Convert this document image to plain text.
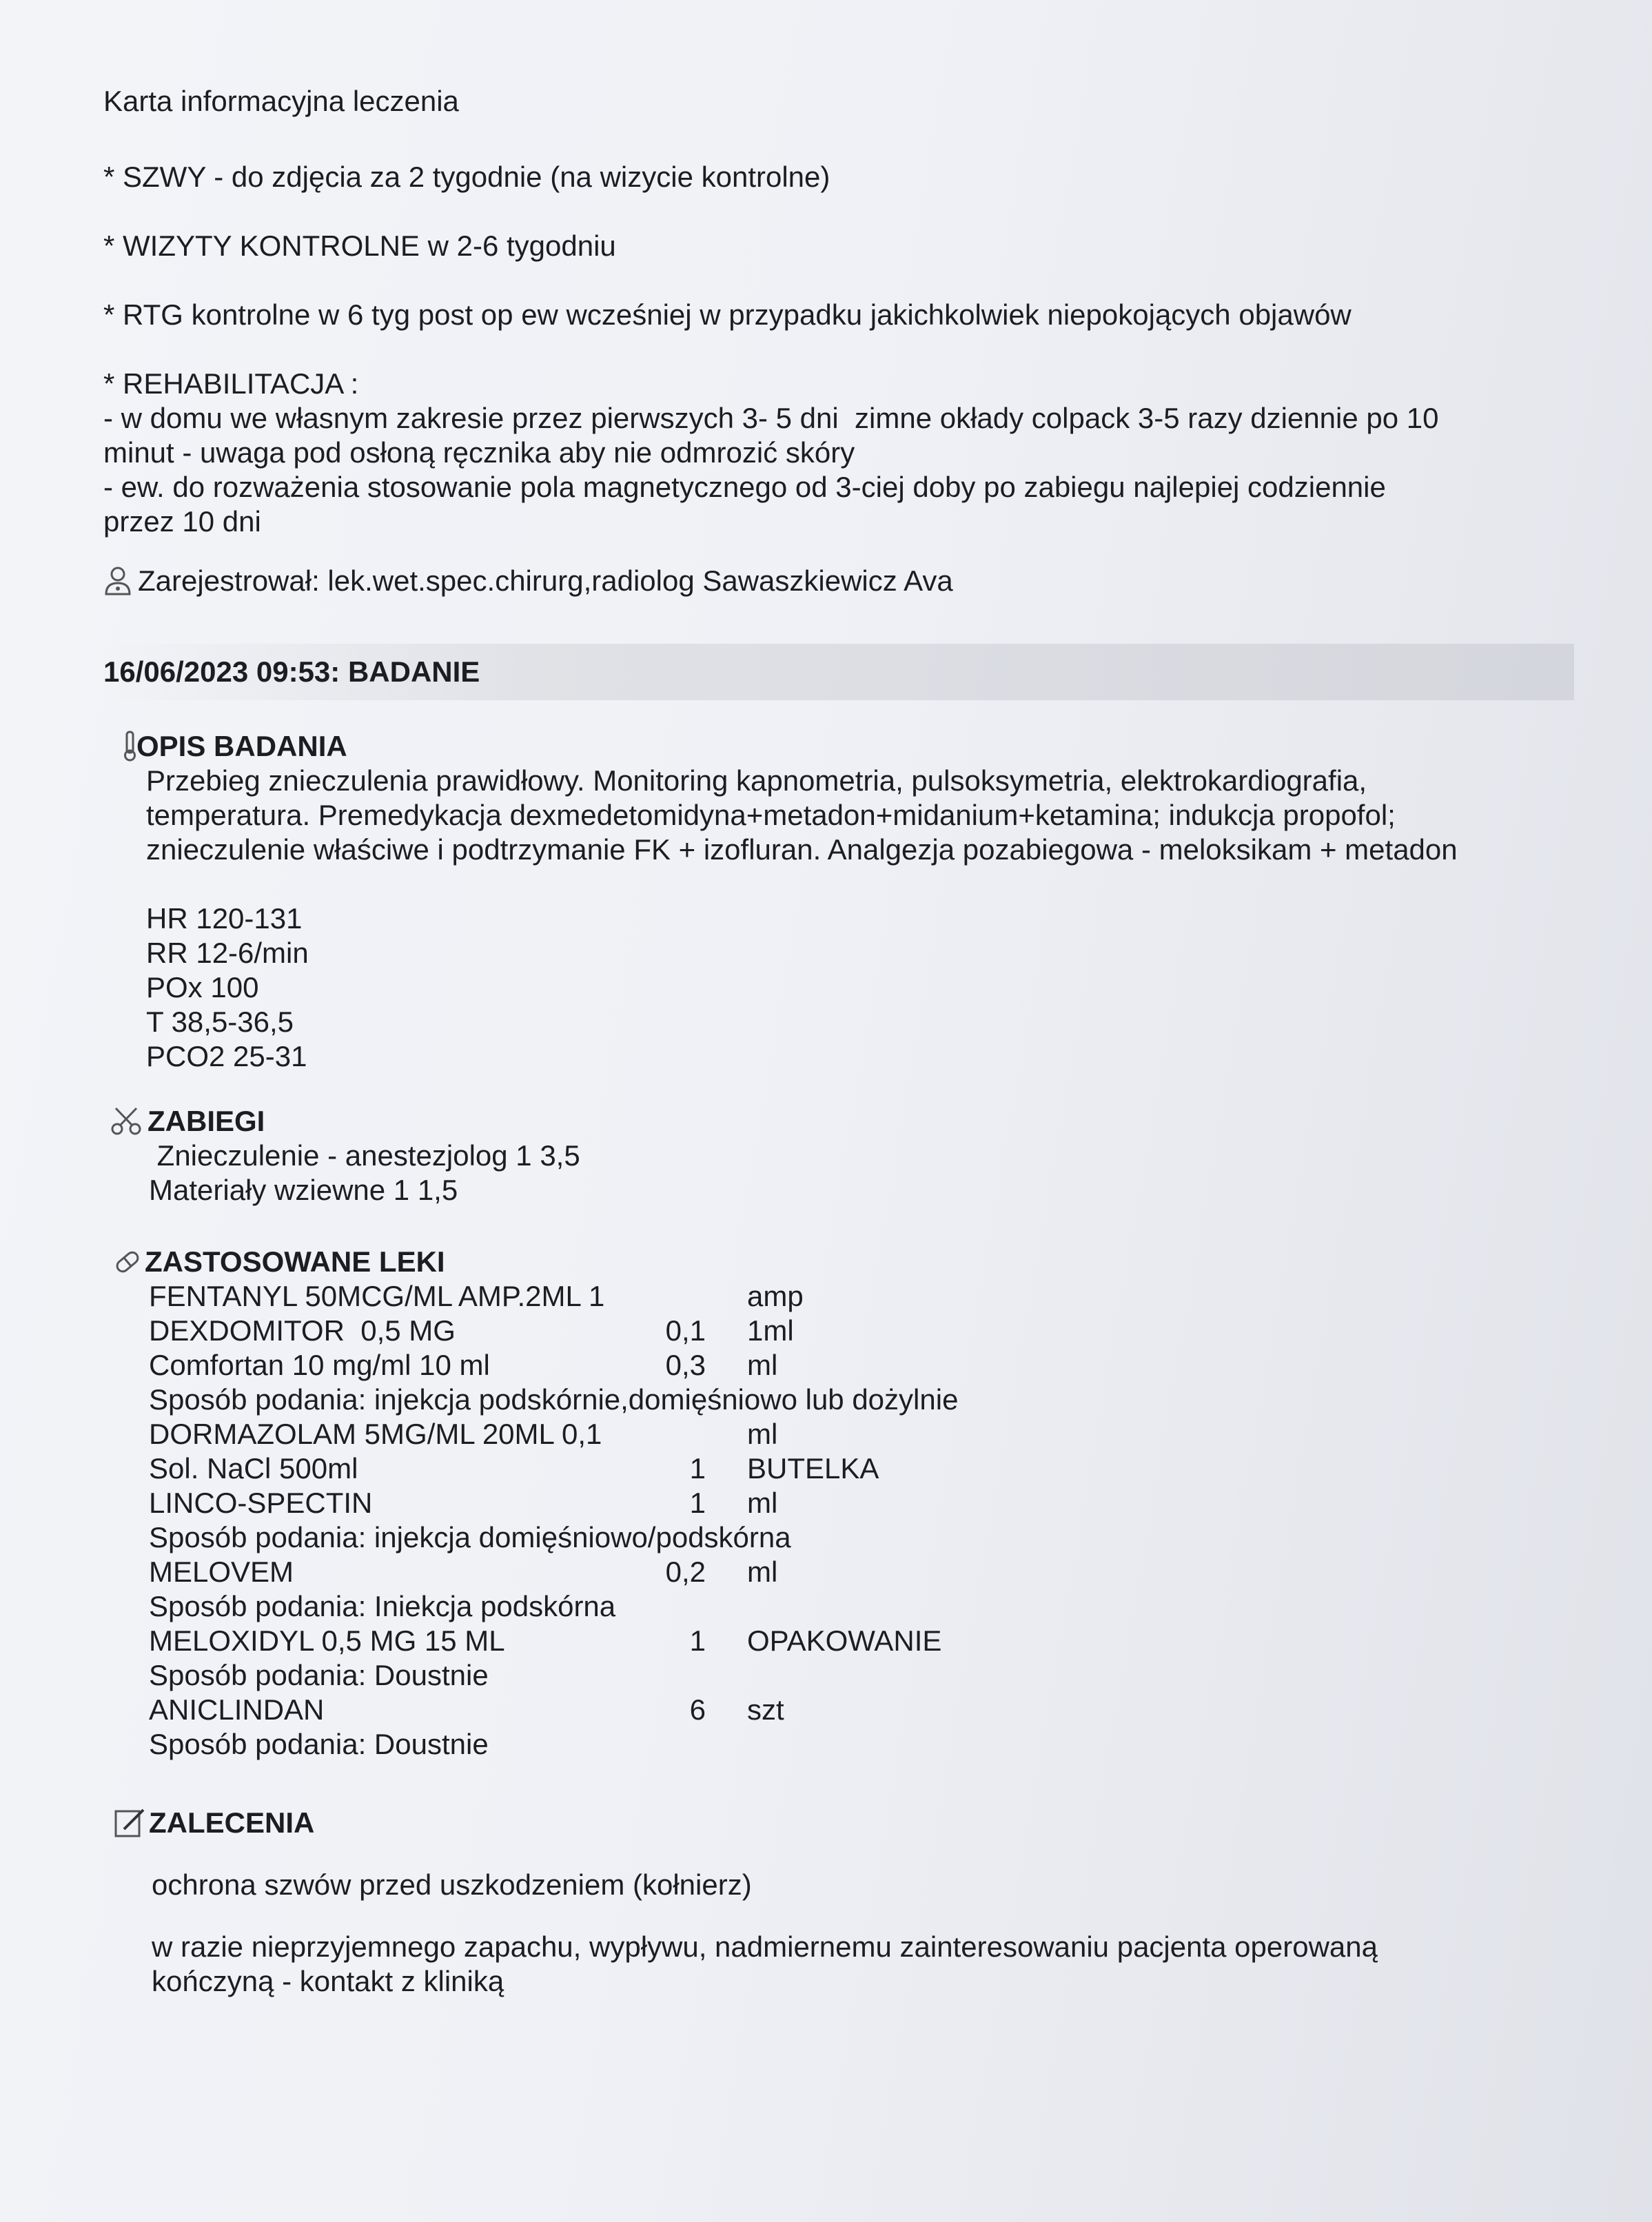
Karta informacyjna leczenia

* SZWY - do zdjęcia za 2 tygodnie (na wizycie kontrolne)

* WIZYTY KONTROLNE w 2-6 tygodniu

* RTG kontrolne w 6 tyg post op ew wcześniej w przypadku jakichkolwiek niepokojących objawów

* REHABILITACJA :

- w domu we własnym zakresie przez pierwszych 3- 5 dni  zimne okłady colpack 3-5 razy dziennie po 10

minut - uwaga pod osłoną ręcznika aby nie odmrozić skóry

- ew. do rozważenia stosowanie pola magnetycznego od 3-ciej doby po zabiegu najlepiej codziennie

przez 10 dni

Zarejestrował: lek.wet.spec.chirurg,radiolog Sawaszkiewicz Ava
16/06/2023 09:53: BADANIE
OPIS BADANIA

Przebieg znieczulenia prawidłowy. Monitoring kapnometria, pulsoksymetria, elektrokardiografia,

temperatura. Premedykacja dexmedetomidyna+metadon+midanium+ketamina; indukcja propofol;

znieczulenie właściwe i podtrzymanie FK + izofluran. Analgezja pozabiegowa - meloksikam + metadon

HR 120-131

RR 12-6/min

POx 100

T 38,5-36,5

PCO2 25-31

ZABIEGI

Znieczulenie - anestezjolog 1 3,5

Materiały wziewne 1 1,5

ZASTOSOWANE LEKI
FENTANYL 50MCG/ML AMP.2ML 1		amp
DEXDOMITOR  0,5 MG	0,1	1ml
Comfortan 10 mg/ml 10 ml	0,3	ml
Sposób podania: injekcja podskórnie,domięśniowo lub dożylnie		
DORMAZOLAM 5MG/ML 20ML 0,1		ml
Sol. NaCl 500ml	1	BUTELKA
LINCO-SPECTIN	1	ml
Sposób podania: injekcja domięśniowo/podskórna		
MELOVEM	0,2	ml
Sposób podania: Iniekcja podskórna		
MELOXIDYL 0,5 MG 15 ML	1	OPAKOWANIE
Sposób podania: Doustnie		
ANICLINDAN	6	szt
Sposób podania: Doustnie		
ZALECENIA

ochrona szwów przed uszkodzeniem (kołnierz)

w razie nieprzyjemnego zapachu, wypływu, nadmiernemu zainteresowaniu pacjenta operowaną
kończyną - kontakt z kliniką
